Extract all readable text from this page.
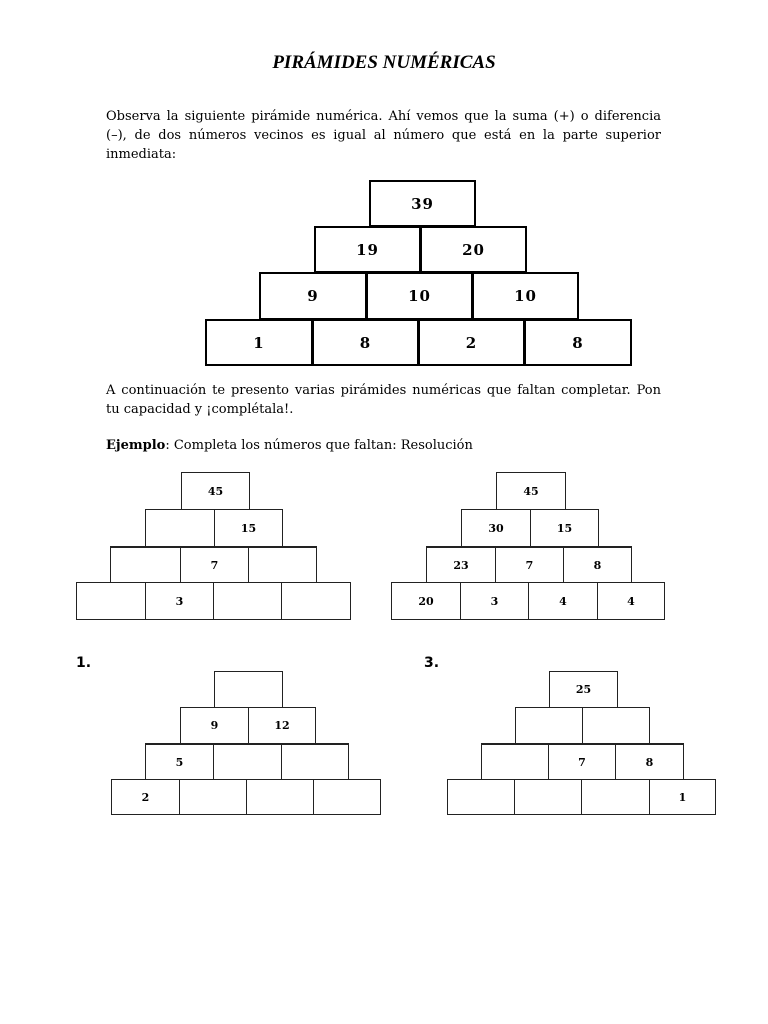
PIRÁMIDES NUMÉRICAS
Observa la siguiente pirámide numérica. Ahí vemos que la suma (+) o diferencia (–), de dos números vecinos es igual al número que está en la parte superior inmediata:
39
19	20
9	10	10
1	8	2	8
A continuación te presento varias pirámides numéricas que faltan completar. Pon tu capacidad y ¡complétala!.
Ejemplo: Completa los números que faltan: Resolución
45
15
7
3
45
30	15
23	7	8
20	3	4	4
1.
9	12
5
2
3.
25
7	8
1
